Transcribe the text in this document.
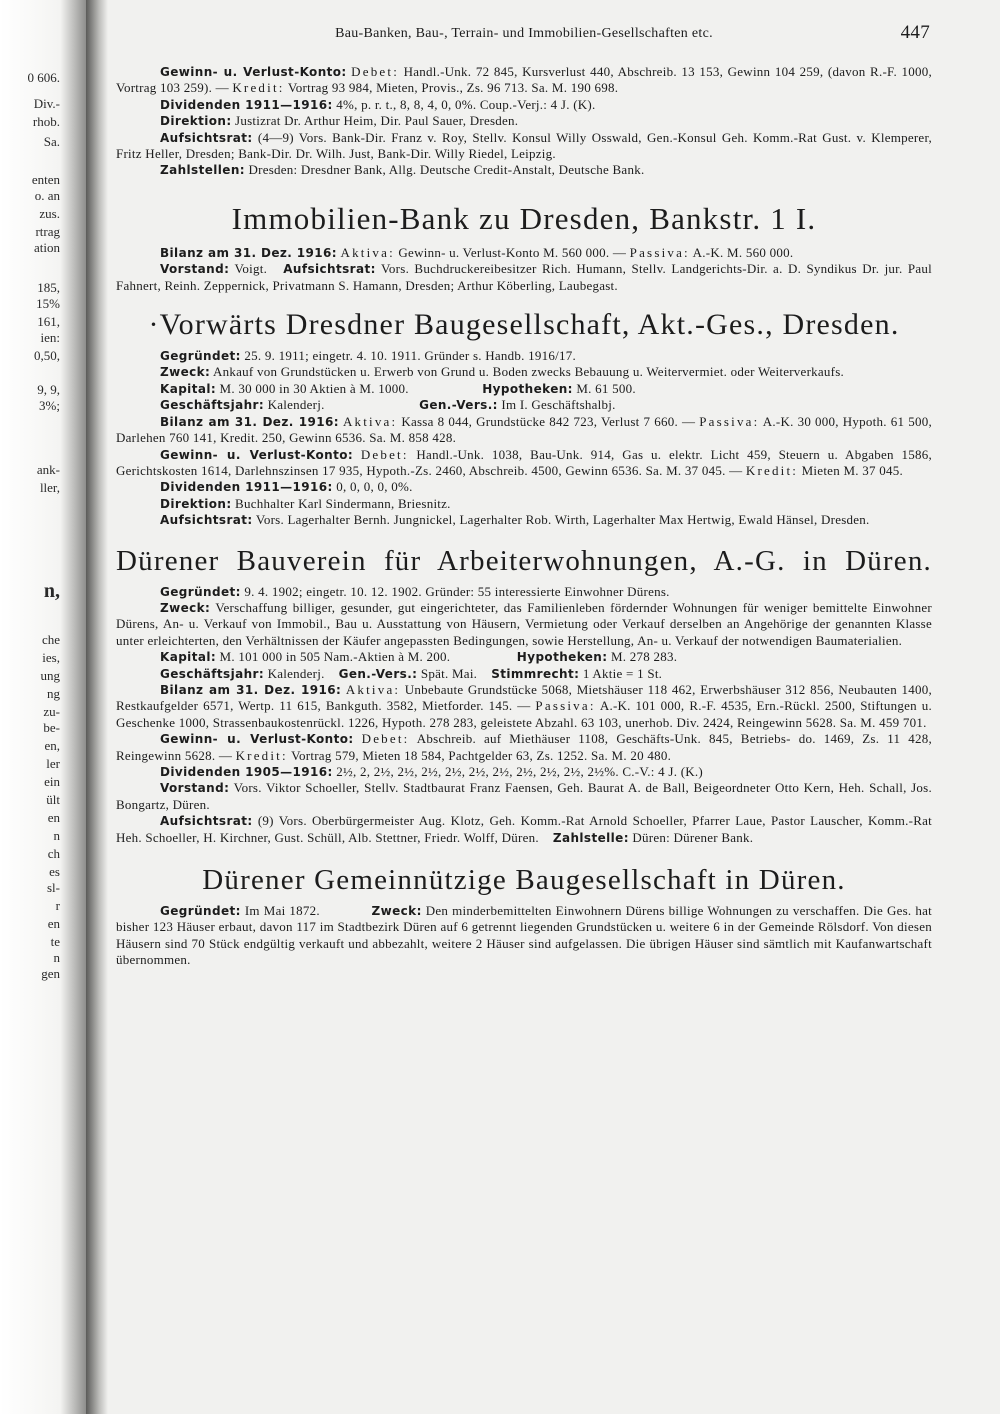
0 606.
Div.-
rhob.
Sa.
enten
o. an
zus.
rtrag
ation
185,
15%
161,
ien:
0,50,
9, 9,
3%;
ank-
ller,
n,
che
ies,
ung
ng
zu-
be-
en,
ler
ein
ült
en
n
ch
es
sl-
r
en
te
n
gen
Bau-Banken, Bau-, Terrain- und Immobilien-Gesellschaften etc.	447

Gewinn- u. Verlust-Konto: Debet: Handl.-Unk. 72 845, Kursverlust 440, Abschreib. 13 153, Gewinn 104 259, (davon R.-F. 1000, Vortrag 103 259). — Kredit: Vortrag 93 984, Mieten, Provis., Zs. 96 713. Sa. M. 190 698.

Dividenden 1911—1916: 4%, p. r. t., 8, 8, 4, 0, 0%. Coup.-Verj.: 4 J. (K).

Direktion: Justizrat Dr. Arthur Heim, Dir. Paul Sauer, Dresden.

Aufsichtsrat: (4—9) Vors. Bank-Dir. Franz v. Roy, Stellv. Konsul Willy Osswald, Gen.-Konsul Geh. Komm.-Rat Gust. v. Klemperer, Fritz Heller, Dresden; Bank-Dir. Dr. Wilh. Just, Bank-Dir. Willy Riedel, Leipzig.

Zahlstellen: Dresden: Dresdner Bank, Allg. Deutsche Credit-Anstalt, Deutsche Bank.

Immobilien-Bank zu Dresden, Bankstr. 1 I.

Bilanz am 31. Dez. 1916: Aktiva: Gewinn- u. Verlust-Konto M. 560 000. — Passiva: A.-K. M. 560 000.

Vorstand: Voigt. Aufsichtsrat: Vors. Buchdruckereibesitzer Rich. Humann, Stellv. Landgerichts-Dir. a. D. Syndikus Dr. jur. Paul Fahnert, Reinh. Zeppernick, Privatmann S. Hamann, Dresden; Arthur Köberling, Laubegast.

·Vorwärts Dresdner Baugesellschaft, Akt.-Ges., Dresden.

Gegründet: 25. 9. 1911; eingetr. 4. 10. 1911. Gründer s. Handb. 1916/17.

Zweck: Ankauf von Grundstücken u. Erwerb von Grund u. Boden zwecks Bebauung u. Weitervermiet. oder Weiterverkaufs.

Kapital: M. 30 000 in 30 Aktien à M. 1000.	Hypotheken: M. 61 500.

Geschäftsjahr: Kalenderj.	Gen.-Vers.: Im I. Geschäftshalbj.

Bilanz am 31. Dez. 1916: Aktiva: Kassa 8 044, Grundstücke 842 723, Verlust 7 660. — Passiva: A.-K. 30 000, Hypoth. 61 500, Darlehen 760 141, Kredit. 250, Gewinn 6536. Sa. M. 858 428.

Gewinn- u. Verlust-Konto: Debet: Handl.-Unk. 1038, Bau-Unk. 914, Gas u. elektr. Licht 459, Steuern u. Abgaben 1586, Gerichtskosten 1614, Darlehnszinsen 17 935, Hypoth.-Zs. 2460, Abschreib. 4500, Gewinn 6536. Sa. M. 37 045. — Kredit: Mieten M. 37 045.

Dividenden 1911—1916: 0, 0, 0, 0, 0%.

Direktion: Buchhalter Karl Sindermann, Briesnitz.

Aufsichtsrat: Vors. Lagerhalter Bernh. Jungnickel, Lagerhalter Rob. Wirth, Lagerhalter Max Hertwig, Ewald Hänsel, Dresden.

Dürener Bauverein für Arbeiterwohnungen, A.-G. in Düren.

Gegründet: 9. 4. 1902; eingetr. 10. 12. 1902. Gründer: 55 interessierte Einwohner Dürens.

Zweck: Verschaffung billiger, gesunder, gut eingerichteter, das Familienleben fördernder Wohnungen für weniger bemittelte Einwohner Dürens, An- u. Verkauf von Immobil., Bau u. Ausstattung von Häusern, Vermietung oder Verkauf derselben an Angehörige der genannten Klasse unter erleichterten, den Verhältnissen der Käufer angepassten Bedingungen, sowie Herstellung, An- u. Verkauf der notwendigen Baumaterialien.

Kapital: M. 101 000 in 505 Nam.-Aktien à M. 200.	Hypotheken: M. 278 283.

Geschäftsjahr: Kalenderj. Gen.-Vers.: Spät. Mai. Stimmrecht: 1 Aktie = 1 St.

Bilanz am 31. Dez. 1916: Aktiva: Unbebaute Grundstücke 5068, Mietshäuser 118 462, Erwerbshäuser 312 856, Neubauten 1400, Restkaufgelder 6571, Wertp. 11 615, Bankguth. 3582, Mietforder. 145. — Passiva: A.-K. 101 000, R.-F. 4535, Ern.-Rückl. 2500, Stiftungen u. Geschenke 1000, Strassenbaukostenrückl. 1226, Hypoth. 278 283, geleistete Abzahl. 63 103, unerhob. Div. 2424, Reingewinn 5628. Sa. M. 459 701.

Gewinn- u. Verlust-Konto: Debet: Abschreib. auf Miethäuser 1108, Geschäfts-Unk. 845, Betriebs- do. 1469, Zs. 11 428, Reingewinn 5628. — Kredit: Vortrag 579, Mieten 18 584, Pachtgelder 63, Zs. 1252. Sa. M. 20 480.

Dividenden 1905—1916: 2½, 2, 2½, 2½, 2½, 2½, 2½, 2½, 2½, 2½, 2½, 2½%. C.-V.: 4 J. (K.)

Vorstand: Vors. Viktor Schoeller, Stellv. Stadtbaurat Franz Faensen, Geh. Baurat A. de Ball, Beigeordneter Otto Kern, Heh. Schall, Jos. Bongartz, Düren.

Aufsichtsrat: (9) Vors. Oberbürgermeister Aug. Klotz, Geh. Komm.-Rat Arnold Schoeller, Pfarrer Laue, Pastor Lauscher, Komm.-Rat Heh. Schoeller, H. Kirchner, Gust. Schüll, Alb. Stettner, Friedr. Wolff, Düren. Zahlstelle: Düren: Dürener Bank.

Dürener Gemeinnützige Baugesellschaft in Düren.

Gegründet: Im Mai 1872.	Zweck: Den minderbemittelten Einwohnern Dürens billige Wohnungen zu verschaffen. Die Ges. hat bisher 123 Häuser erbaut, davon 117 im Stadtbezirk Düren auf 6 getrennt liegenden Grundstücken u. weitere 6 in der Gemeinde Rölsdorf. Von diesen Häusern sind 70 Stück endgültig verkauft und abbezahlt, weitere 2 Häuser sind aufgelassen. Die übrigen Häuser sind sämtlich mit Kaufanwartschaft übernommen.
